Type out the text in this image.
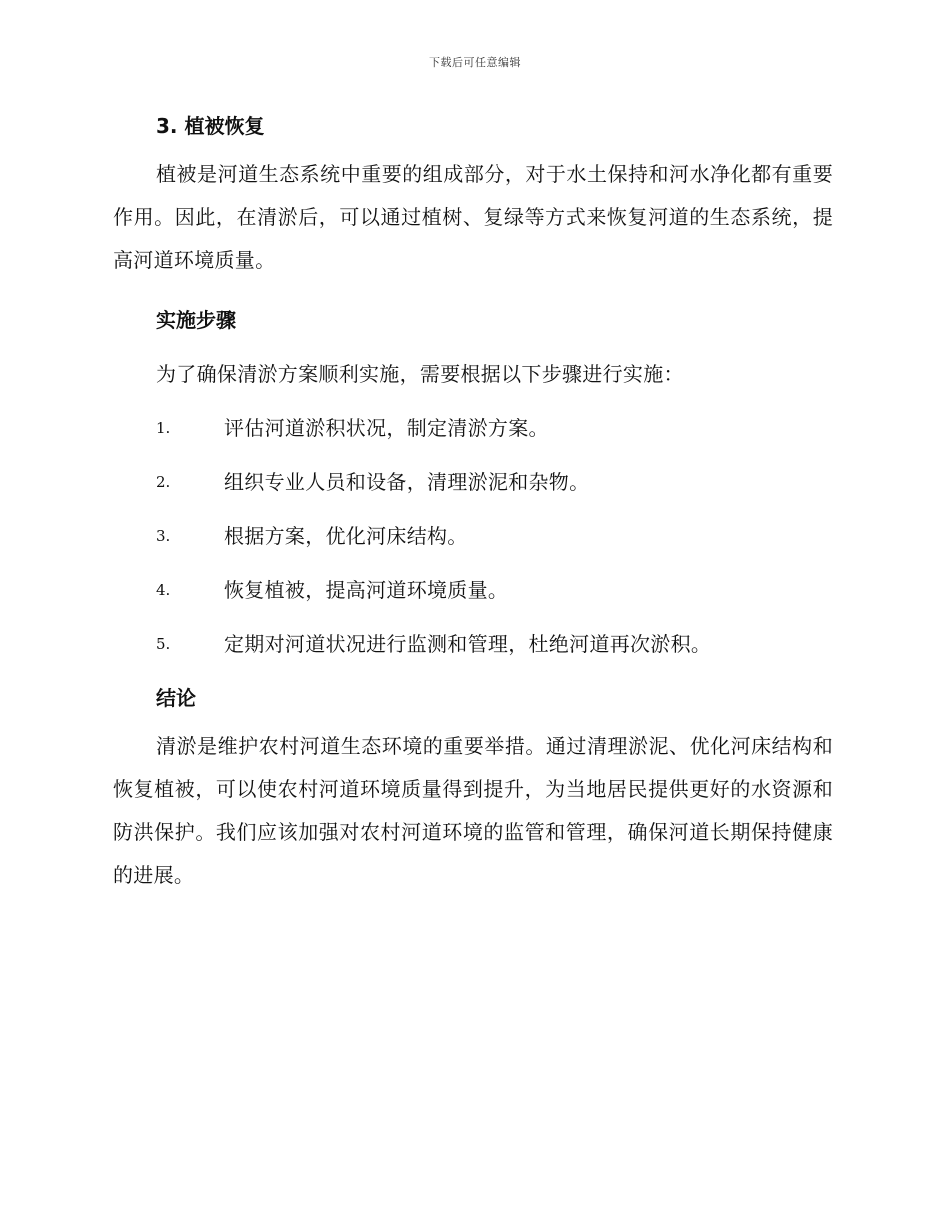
下载后可任意编辑
3. 植被恢复

植被是河道生态系统中重要的组成部分，对于水土保持和河水净化都有重要作用。因此，在清淤后，可以通过植树、复绿等方式来恢复河道的生态系统，提高河道环境质量。

实施步骤

为了确保清淤方案顺利实施，需要根据以下步骤进行实施：

1.	评估河道淤积状况，制定清淤方案。
2.	组织专业人员和设备，清理淤泥和杂物。
3.	根据方案，优化河床结构。
4.	恢复植被，提高河道环境质量。
5.	定期对河道状况进行监测和管理，杜绝河道再次淤积。
结论

清淤是维护农村河道生态环境的重要举措。通过清理淤泥、优化河床结构和恢复植被，可以使农村河道环境质量得到提升，为当地居民提供更好的水资源和防洪保护。我们应该加强对农村河道环境的监管和管理，确保河道长期保持健康的进展。
